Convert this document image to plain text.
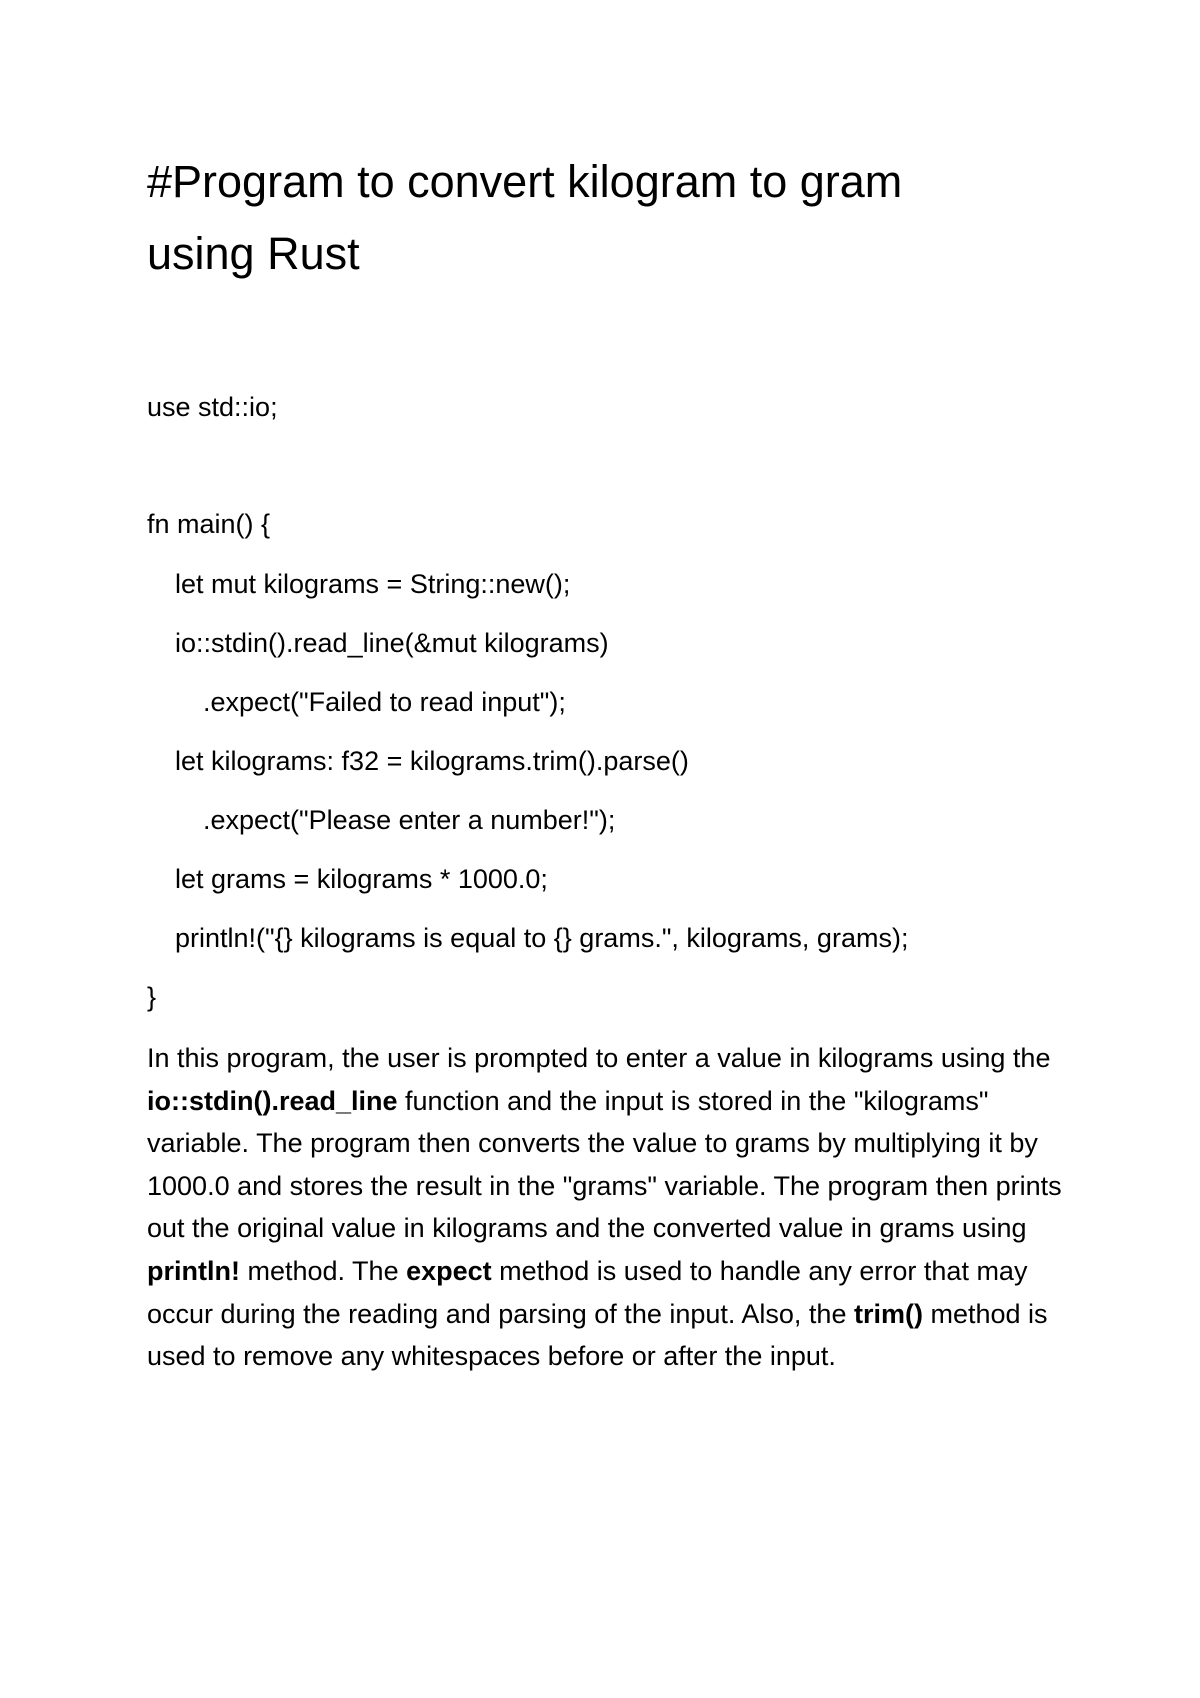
#Program to convert kilogram to gram
using Rust

use std::io;

fn main() {

let mut kilograms = String::new();

io::stdin().read_line(&mut kilograms)

.expect("Failed to read input");

let kilograms: f32 = kilograms.trim().parse()

.expect("Please enter a number!");

let grams = kilograms * 1000.0;

println!("{} kilograms is equal to {} grams.", kilograms, grams);

}

In this program, the user is prompted to enter a value in kilograms using the io::stdin().read_line function and the input is stored in the "kilograms" variable. The program then converts the value to grams by multiplying it by 1000.0 and stores the result in the "grams" variable. The program then prints out the original value in kilograms and the converted value in grams using println! method. The expect method is used to handle any error that may occur during the reading and parsing of the input. Also, the trim() method is used to remove any whitespaces before or after the input.
